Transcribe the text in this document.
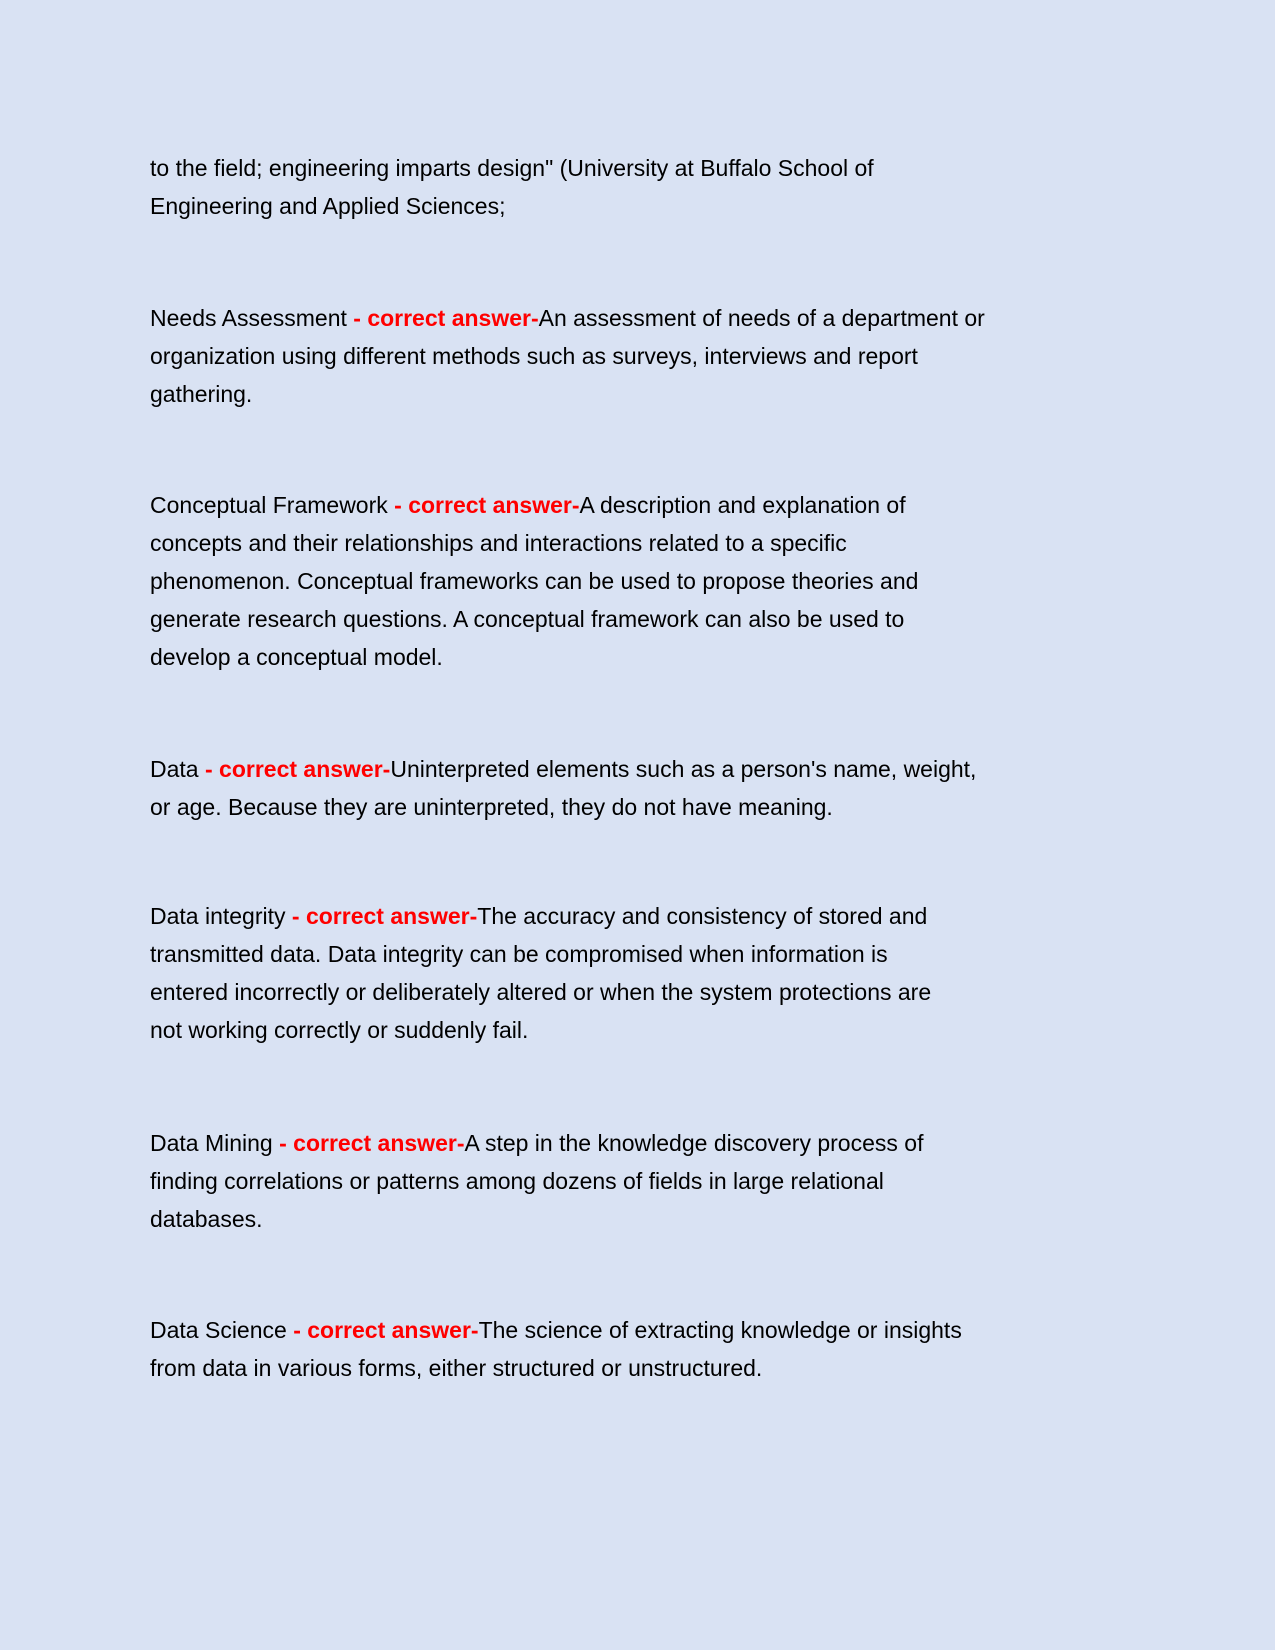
to the field; engineering imparts design" (University at Buffalo School of
Engineering and Applied Sciences;
Needs Assessment - correct answer-An assessment of needs of a department or
organization using different methods such as surveys, interviews and report
gathering.
Conceptual Framework - correct answer-A description and explanation of
concepts and their relationships and interactions related to a specific
phenomenon. Conceptual frameworks can be used to propose theories and
generate research questions. A conceptual framework can also be used to
develop a conceptual model.
Data - correct answer-Uninterpreted elements such as a person's name, weight,
or age. Because they are uninterpreted, they do not have meaning.
Data integrity - correct answer-The accuracy and consistency of stored and
transmitted data. Data integrity can be compromised when information is
entered incorrectly or deliberately altered or when the system protections are
not working correctly or suddenly fail.
Data Mining - correct answer-A step in the knowledge discovery process of
finding correlations or patterns among dozens of fields in large relational
databases.
Data Science - correct answer-The science of extracting knowledge or insights
from data in various forms, either structured or unstructured.
